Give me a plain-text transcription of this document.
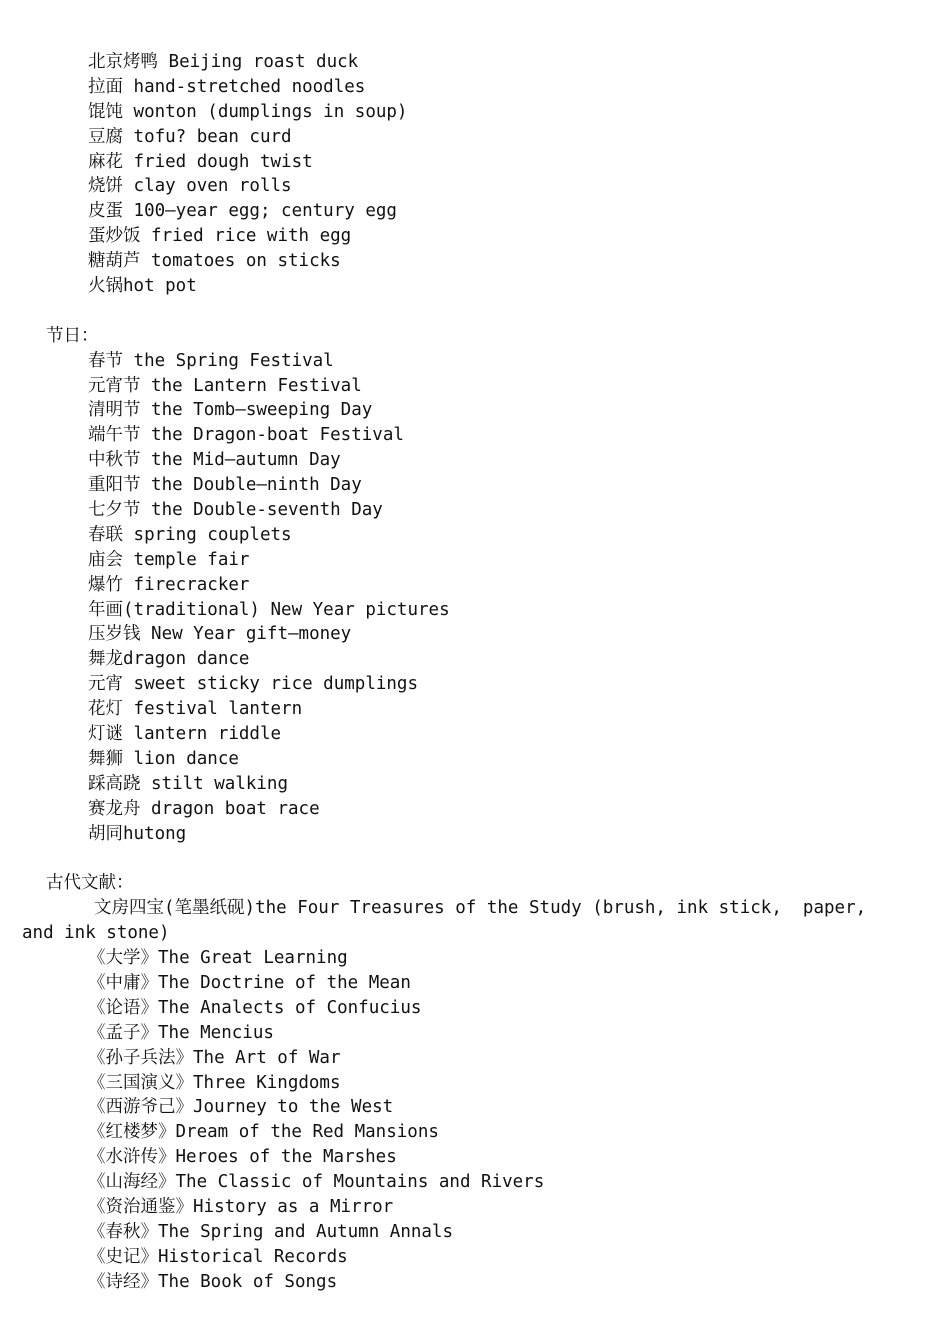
北京烤鸭 Beijing roast duck
拉面 hand-stretched noodles
馄饨 wonton (dumplings in soup)
豆腐 tofu? bean curd
麻花 fried dough twist
烧饼 clay oven rolls
皮蛋 100—year egg; century egg
蛋炒饭 fried rice with egg
糖葫芦 tomatoes on sticks
火锅hot pot
节日：
春节 the Spring Festival
元宵节 the Lantern Festival
清明节 the Tomb—sweeping Day
端午节 the Dragon-boat Festival
中秋节 the Mid—autumn Day
重阳节 the Double—ninth Day
七夕节 the Double-seventh Day
春联 spring couplets
庙会 temple fair
爆竹 firecracker
年画(traditional) New Year pictures
压岁钱 New Year gift—money
舞龙dragon dance
元宵 sweet sticky rice dumplings
花灯 festival lantern
灯谜 lantern riddle
舞狮 lion dance
踩高跷 stilt walking
赛龙舟 dragon boat race
胡同hutong
古代文献：
文房四宝(笔墨纸砚)the Four Treasures of the Study (brush, ink stick,  paper,
and ink stone)
《大学》The Great Learning
《中庸》The Doctrine of the Mean
《论语》The Analects of Confucius
《孟子》The Mencius
《孙子兵法》The Art of War
《三国演义》Three Kingdoms
《西游爷己》Journey to the West
《红楼梦》Dream of the Red Mansions
《水浒传》Heroes of the Marshes
《山海经》The Classic of Mountains and Rivers
《资治通鉴》History as a Mirror
《春秋》The Spring and Autumn Annals
《史记》Historical Records
《诗经》The Book of Songs
